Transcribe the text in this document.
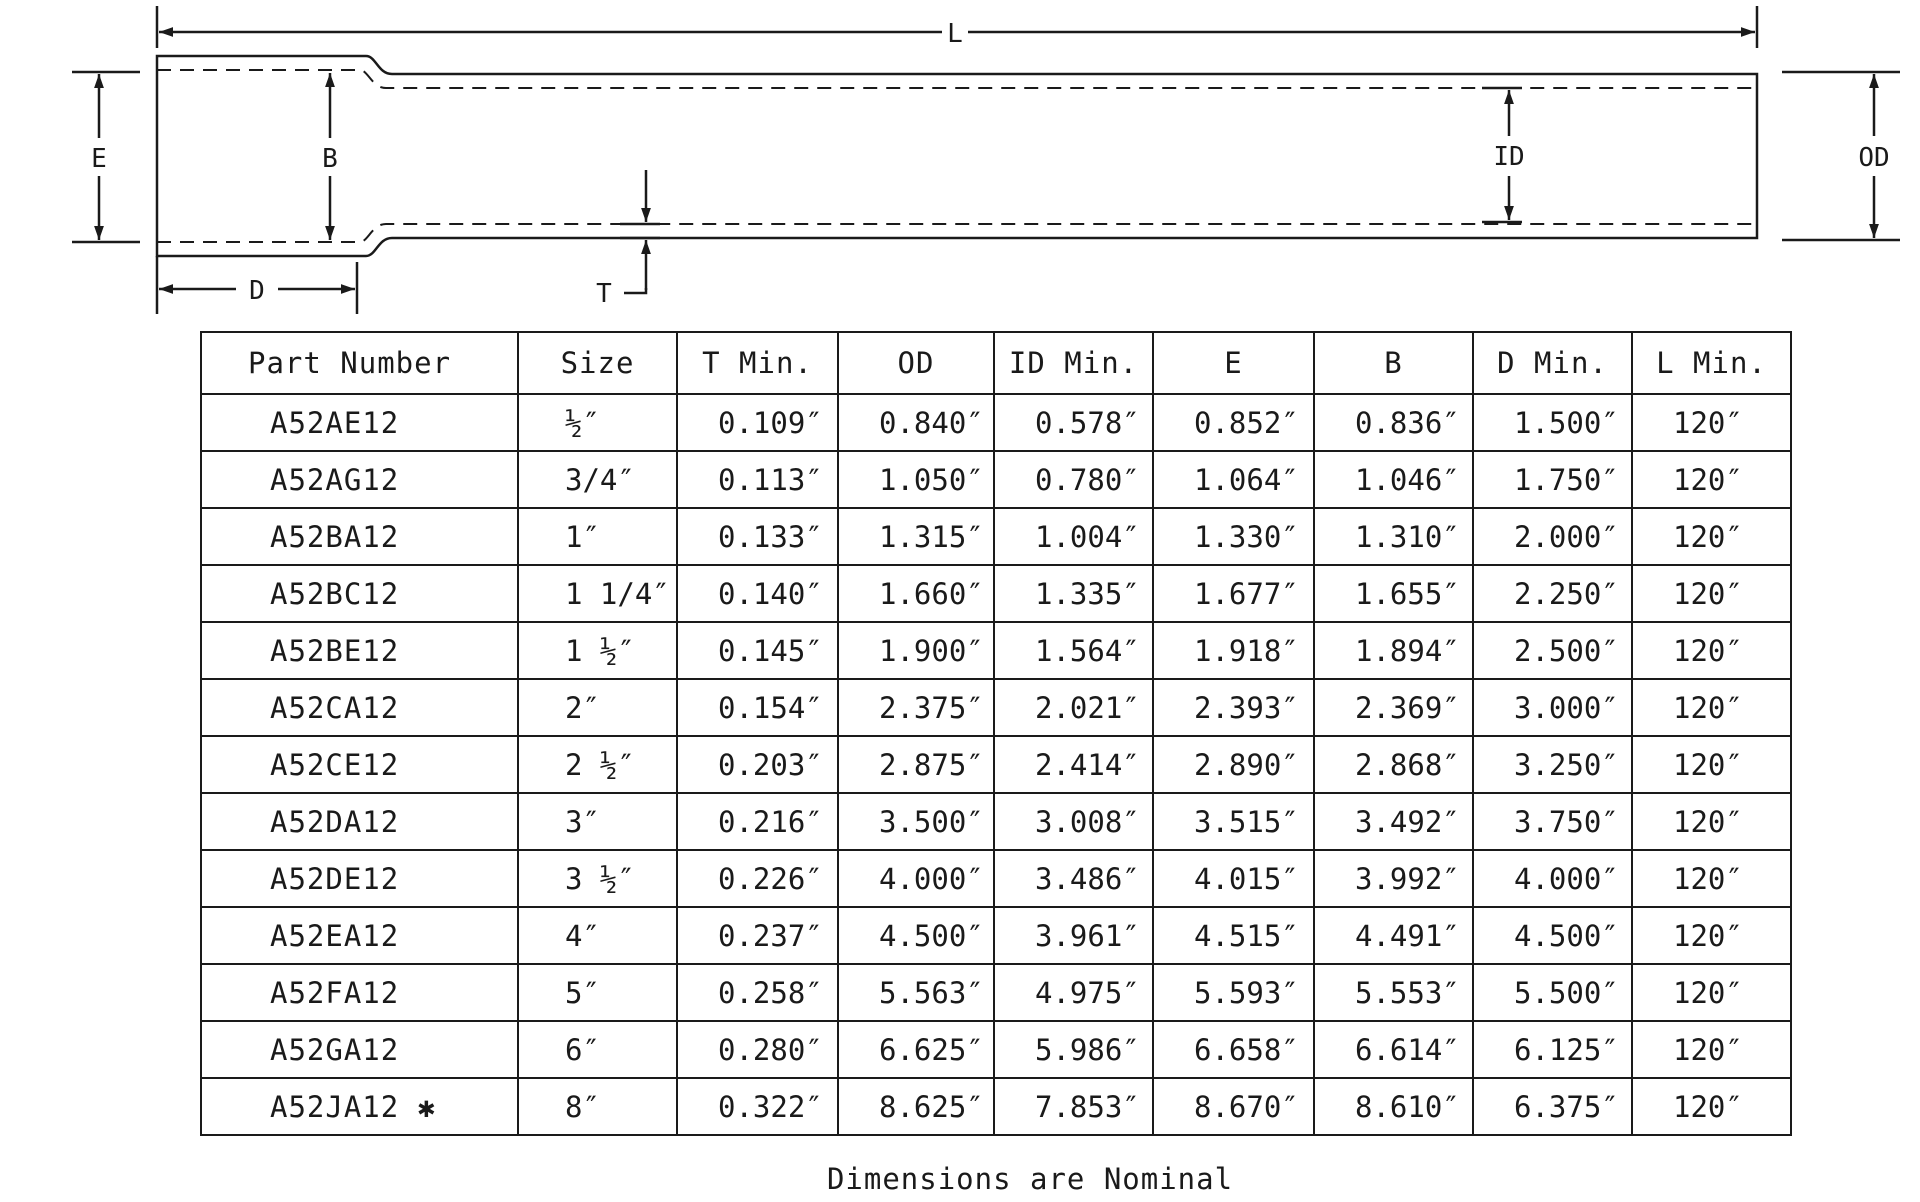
L
E	B	ID	OD
D	T
Part Number	Size	T Min.	OD	ID Min.	E	B	D Min.	L Min.
A52AE12	½″	0.109″	0.840″	0.578″	0.852″	0.836″	1.500″	120″
A52AG12	3/4″	0.113″	1.050″	0.780″	1.064″	1.046″	1.750″	120″
A52BA12	1″	0.133″	1.315″	1.004″	1.330″	1.310″	2.000″	120″
A52BC12	1 1/4″	0.140″	1.660″	1.335″	1.677″	1.655″	2.250″	120″
A52BE12	1 ½″	0.145″	1.900″	1.564″	1.918″	1.894″	2.500″	120″
A52CA12	2″	0.154″	2.375″	2.021″	2.393″	2.369″	3.000″	120″
A52CE12	2 ½″	0.203″	2.875″	2.414″	2.890″	2.868″	3.250″	120″
A52DA12	3″	0.216″	3.500″	3.008″	3.515″	3.492″	3.750″	120″
A52DE12	3 ½″	0.226″	4.000″	3.486″	4.015″	3.992″	4.000″	120″
A52EA12	4″	0.237″	4.500″	3.961″	4.515″	4.491″	4.500″	120″
A52FA12	5″	0.258″	5.563″	4.975″	5.593″	5.553″	5.500″	120″
A52GA12	6″	0.280″	6.625″	5.986″	6.658″	6.614″	6.125″	120″
A52JA12 ✱	8″	0.322″	8.625″	7.853″	8.670″	8.610″	6.375″	120″
Dimensions are Nominal
